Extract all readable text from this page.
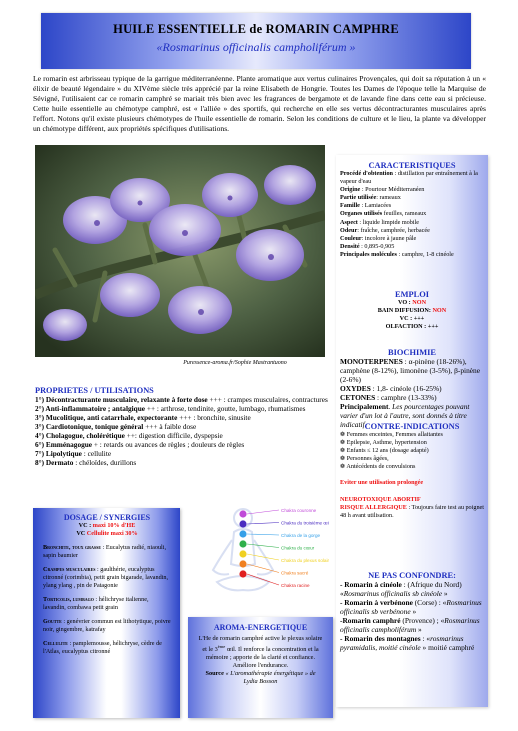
HUILE ESSENTIELLE de ROMARIN CAMPHRE
«Rosmarinus officinalis campholiférum »
Le romarin est arbrisseau typique de la garrigue méditerranéenne. Plante aromatique aux vertus culinaires Provençales, qui doit sa réputation à un « élixir de beauté légendaire » du XIVème siècle très apprécié par la reine Elisabeth de Hongrie. Toutes les Dames de l'époque telle la Marquise de Sévigné, l'utilisaient car ce romarin camphré se mariait très bien avec les fragrances de bergamote et de lavande fine dans cette eau si précieuse. Cette huile essentielle au chémotype camphré, est « l'alliée » des sportifs, qui recherche en elle ses vertus décontracturantes musculaires après l'effort. Notons qu'il existe plusieurs chémotypes de l'huile essentielle de romarin. Selon les conditions de culture et le lieu, la plante va développer un chémotype différent, aux propriétés spécifiques d'utilisations.
Puressence-aroma.fr/Sophie Mastrantuono
CARACTERISTIQUES
Procédé d'obtention : distillation par entraînement à la vapeur d'eau
Origine : Pourtour Méditerranéen
Partie utilisée: rameaux
Famille : Lamiacées
Organes utilisés feuilles, rameaux
Aspect : liquide limpide mobile
Odeur: fraîche, camphrée, herbacée
Couleur: incolore à jaune pâle
Densité : 0,895-0,905
Principales molécules : camphre, 1-8 cinéole
EMPLOI
VO : NON
BAIN DIFFUSION: NON
VC : +++
OLFACTION : +++
BIOCHIMIE
MONOTERPENES : α-pinène (18-26%), camphène (8-12%), limonène (3-5%), β-pinène (2-6%)
OXYDES : 1,8- cinéole (16-25%)
CETONES : camphre (13-33%)
Principalement. Les pourcentages pouvant varier d'un lot à l'autre, sont donnés à titre indicatif.
CONTRE-INDICATIONS
❁ Femmes enceintes, Femmes allaitantes
❁ Epilepsie, Asthme, hypertension
❁ Enfants ≤ 12 ans (dosage adapté)
❁ Personnes âgées,
❁ Antécédents de convulsions
Eviter une utilisation prolongée
NEUROTOXIQUE ABORTIF
RISQUE ALLERGIQUE : Toujours faire test au poignet 48 h avant utilisation.
NE PAS CONFONDRE:
- Romarin à cinéole : (Afrique du Nord) «Rosmarinus officinalis sb cinéole »
- Romarin à verbénone (Corse) : «Rosmarinus officinalis sb verbénone »
-Romarin camphré (Provence) ; «Rosmarinus officinalis campholiférum »
- Romarin des montagnes : «rosmarinus pyramidalis, moitié cinéole » moitié camphré
PROPRIETES / UTILISATIONS
1°) Décontracturante musculaire, relaxante à forte dose +++ : crampes musculaires, contractures
2°) Anti-inflammatoire ; antalgique ++ : arthrose, tendinite, goutte, lumbago, rhumatismes
3°) Mucolitique, anti catarrhale, expectorante +++ : bronchite, sinusite
3°) Cardiotonique, tonique général +++ à faible dose
4°) Cholagogue, cholérétique ++: digestion difficile, dyspepsie
6°) Emménagogue + : retards ou avances de règles ; douleurs de règles
7°) Lipolytique : cellulite
8°) Dermato : chéloïdes, durillons
DOSAGE / SYNERGIES
VC : maxi 10% d'HE
VC Cellulite maxi 30%
Bronchite, toux grasse : Eucalytus radié, niaouli, sapin baumier
Crampes musculaires : gaulthérie, eucalyptus citronné (corimbia), petit grain bigarade, lavandin, ylang ylang , pin de Patagonie
Torticolis, lumbago : hélichryse italienne, lavandin, combawa petit grain
Goutte : genévrier commun est lithotytique, poivre noir, gingembre, katrafay
Cellulite : pamplemousse, hélichryse, cèdre de l'Atlas, eucalyptus citronné
Chakra couronne
Chakra du troisième œil
Chakra de la gorge
Chakra du cœur
Chakra du plexus solaire
Chakra sacré
Chakra racine
AROMA-ENERGETIQUE
L'He de romarin camphré active le plexus solaire et le 3ème œil. Il renforce la concentration et la mémoire ; apporte de la clarté et confiance. Améliore l'endurance.
Source « L'aromathérapie énergétique » de Lydia Bosson
